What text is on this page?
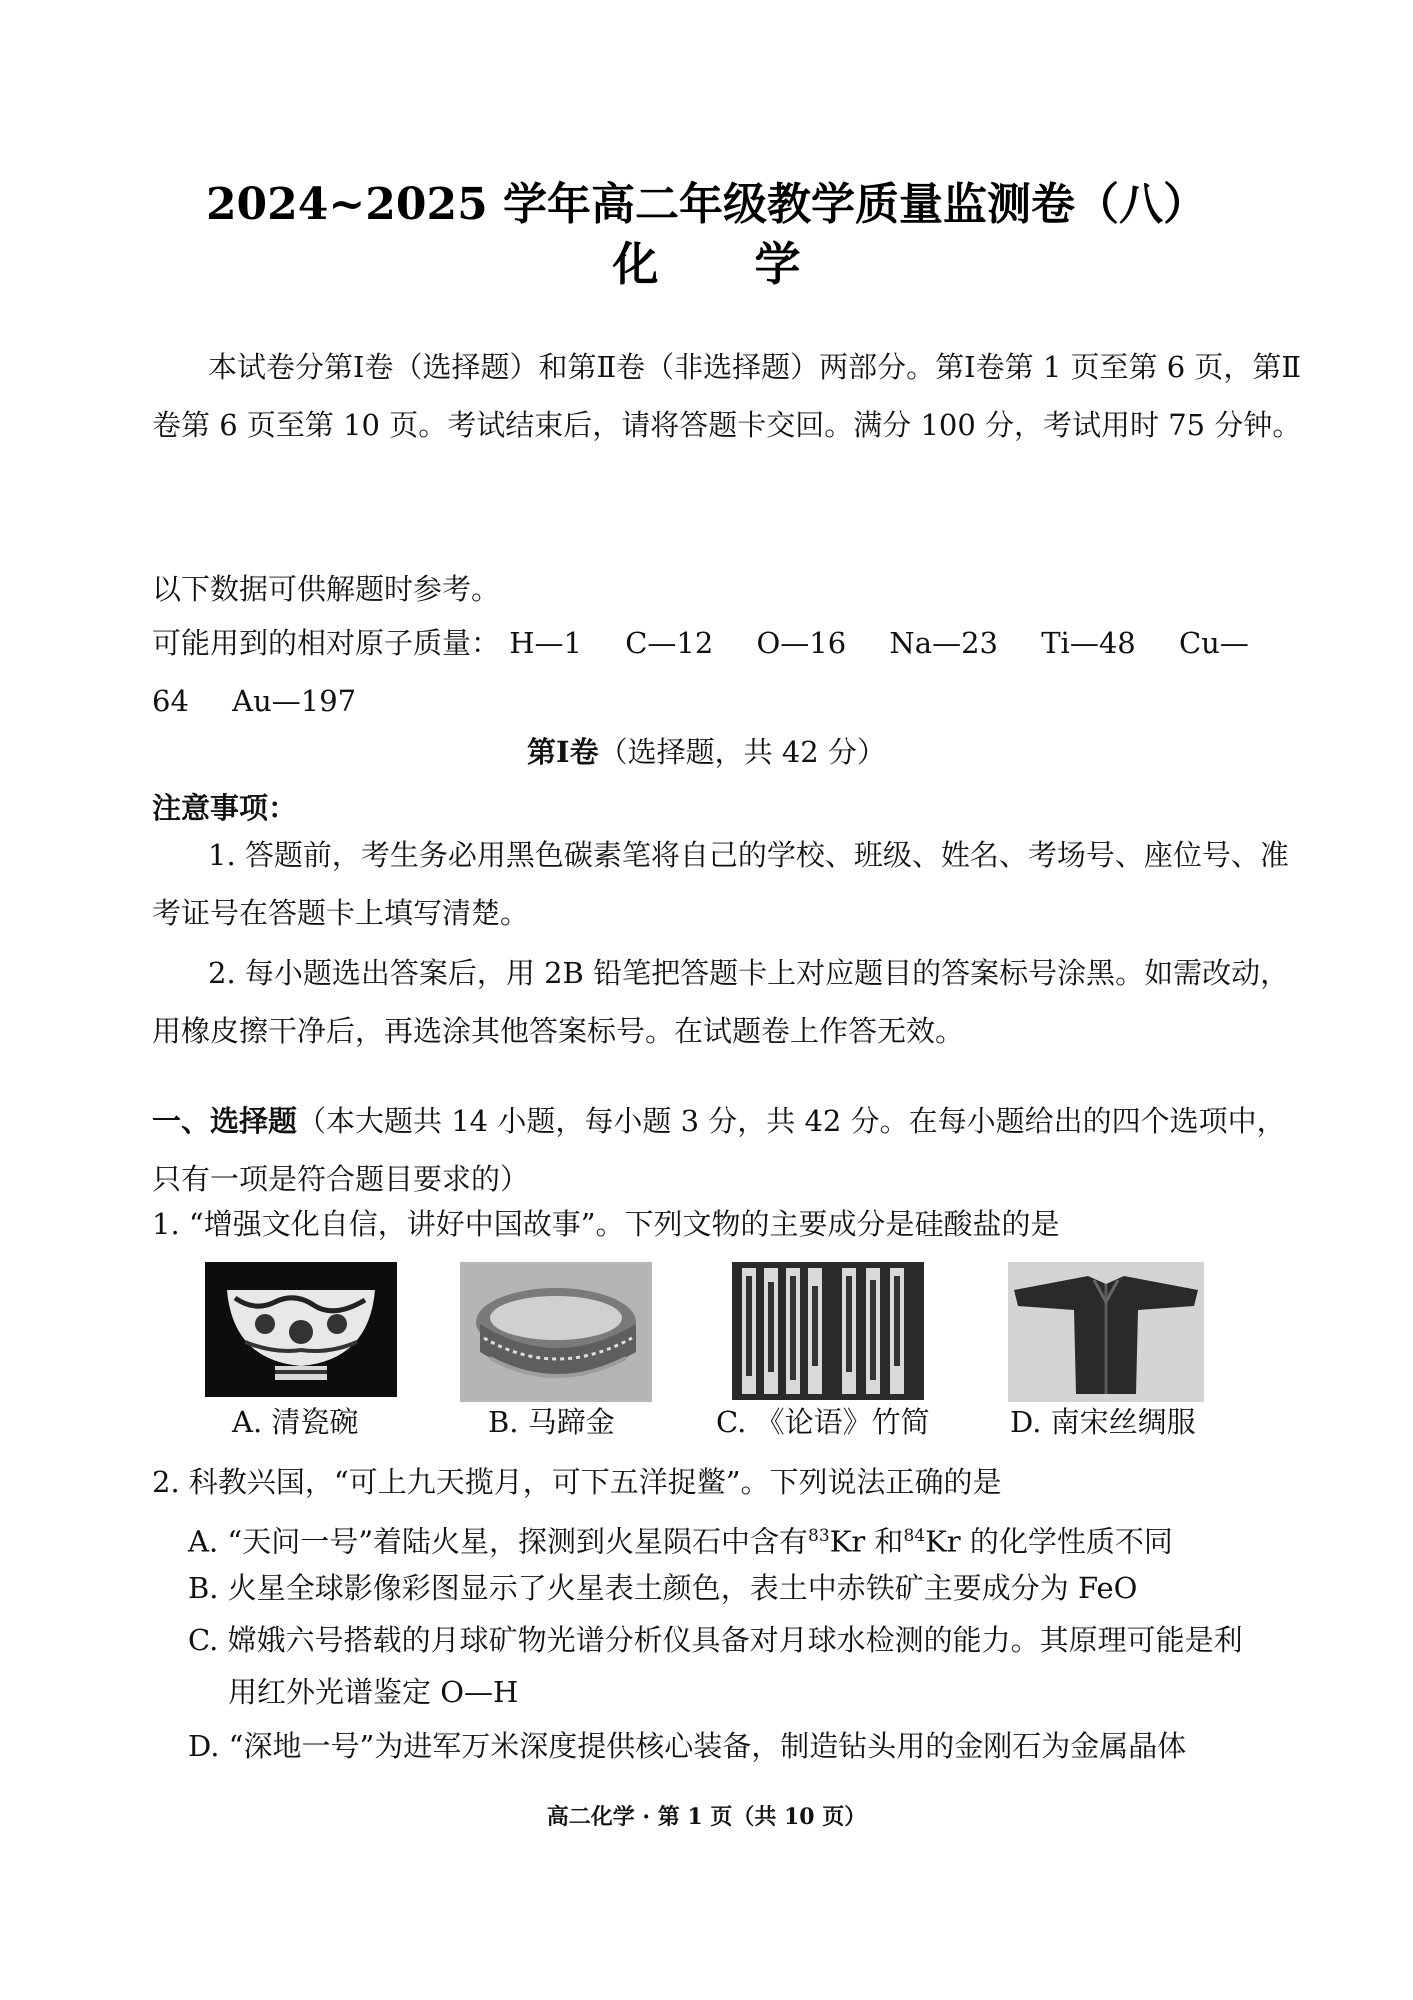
2024~2025 学年高二年级教学质量监测卷（八）
化 学
本试卷分第Ⅰ卷（选择题）和第Ⅱ卷（非选择题）两部分。第Ⅰ卷第 1 页至第 6 页，第Ⅱ卷第 6 页至第 10 页。考试结束后，请将答题卡交回。满分 100 分，考试用时 75 分钟。
以下数据可供解题时参考。
可能用到的相对原子质量： H—1 C—12 O—16 Na—23 Ti—48 Cu—64 Au—197
第Ⅰ卷（选择题，共 42 分）
注意事项：
1. 答题前，考生务必用黑色碳素笔将自己的学校、班级、姓名、考场号、座位号、准考证号在答题卡上填写清楚。
2. 每小题选出答案后，用 2B 铅笔把答题卡上对应题目的答案标号涂黑。如需改动，用橡皮擦干净后，再选涂其他答案标号。在试题卷上作答无效。
一、选择题（本大题共 14 小题，每小题 3 分，共 42 分。在每小题给出的四个选项中，只有一项是符合题目要求的）
1. “增强文化自信，讲好中国故事”。下列文物的主要成分是硅酸盐的是
A. 清瓷碗	B. 马蹄金	C. 《论语》竹简	D. 南宋丝绸服
2. 科教兴国，“可上九天揽月，可下五洋捉鳖”。下列说法正确的是
A. “天问一号”着陆火星，探测到火星陨石中含有$^{83}$Kr 和$^{84}$Kr 的化学性质不同
B. 火星全球影像彩图显示了火星表土颜色，表土中赤铁矿主要成分为 FeO
C. 嫦娥六号搭载的月球矿物光谱分析仪具备对月球水检测的能力。其原理可能是利
用红外光谱鉴定 O—H
D. “深地一号”为进军万米深度提供核心装备，制造钻头用的金刚石为金属晶体
高二化学 · 第 1 页（共 10 页）
